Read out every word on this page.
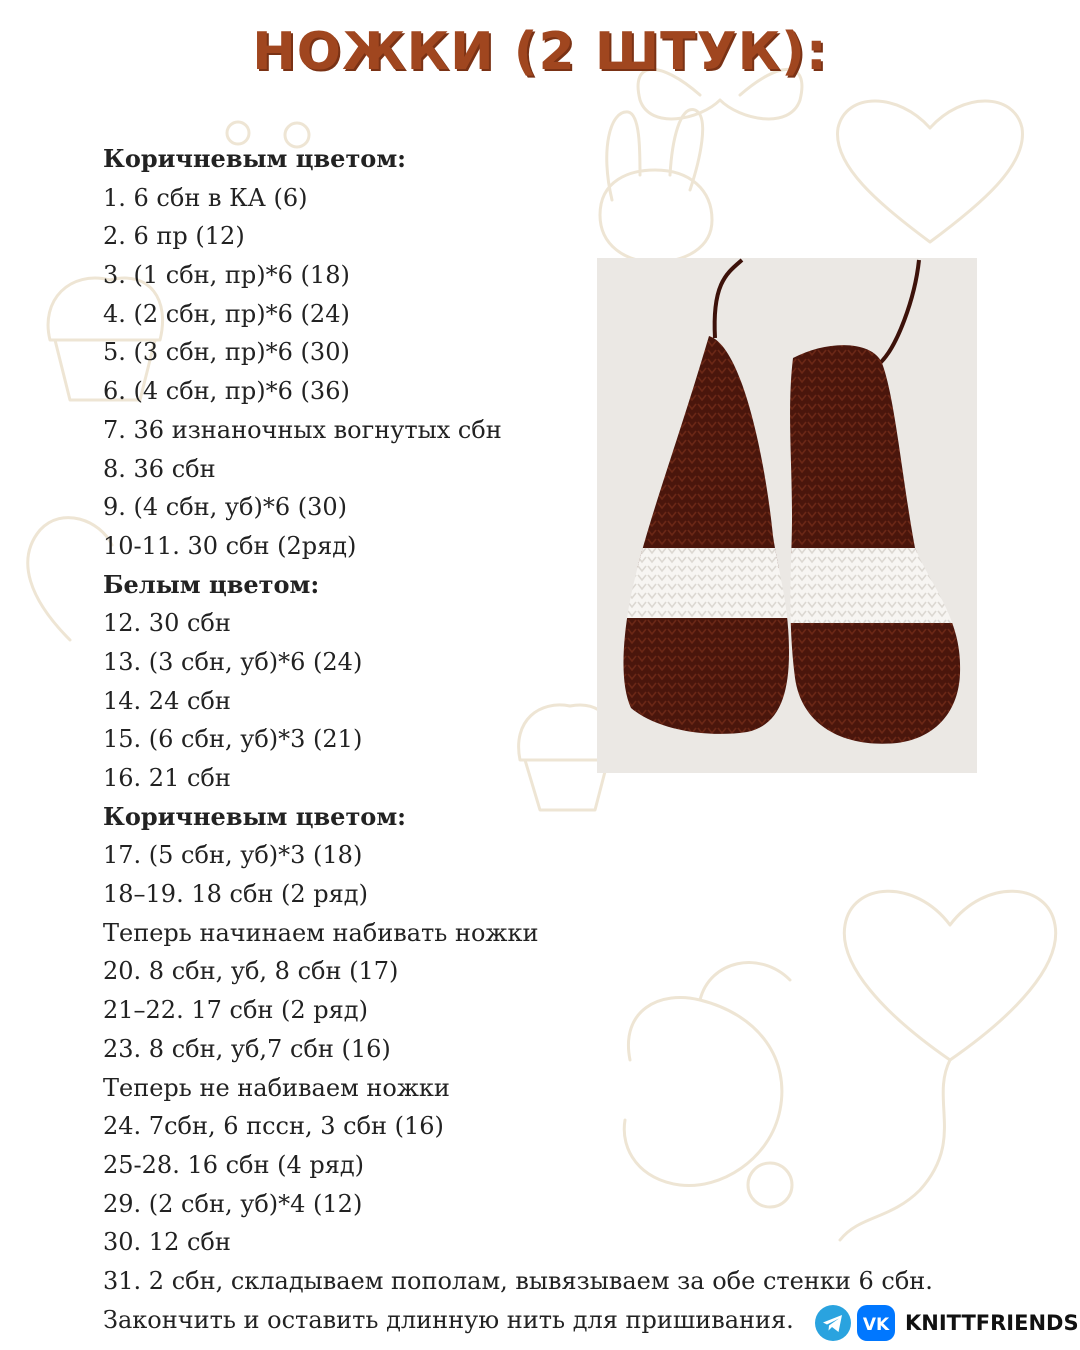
НОЖКИ (2 ШТУК):
Коричневым цветом:
1. 6 сбн в КА (6)
2. 6 пр (12)
3. (1 сбн, пр)*6 (18)
4. (2 сбн, пр)*6 (24)
5. (3 сбн, пр)*6 (30)
6. (4 сбн, пр)*6 (36)
7. 36 изнаночных вогнутых сбн
8. 36 сбн
9. (4 сбн, уб)*6 (30)
10-11. 30 сбн (2ряд)
Белым цветом:
12. 30 сбн
13. (3 сбн, уб)*6 (24)
14. 24 сбн
15. (6 сбн, уб)*3 (21)
16. 21 сбн
Коричневым цветом:
17. (5 сбн, уб)*3 (18)
18–19. 18 сбн (2 ряд)
Теперь начинаем набивать ножки
20. 8 сбн, уб, 8 сбн (17)
21–22. 17 сбн (2 ряд)
23. 8 сбн, уб,7 сбн (16)
Теперь не набиваем ножки
24. 7сбн, 6 пссн, 3 сбн (16)
25-28. 16 сбн (4 ряд)
29. (2 сбн, уб)*4 (12)
30. 12 сбн
31. 2 сбн, складываем пополам, вывязываем за обе стенки 6 сбн.
Закончить и оставить длинную нить для пришивания.	VK KNITTFRIENDS
